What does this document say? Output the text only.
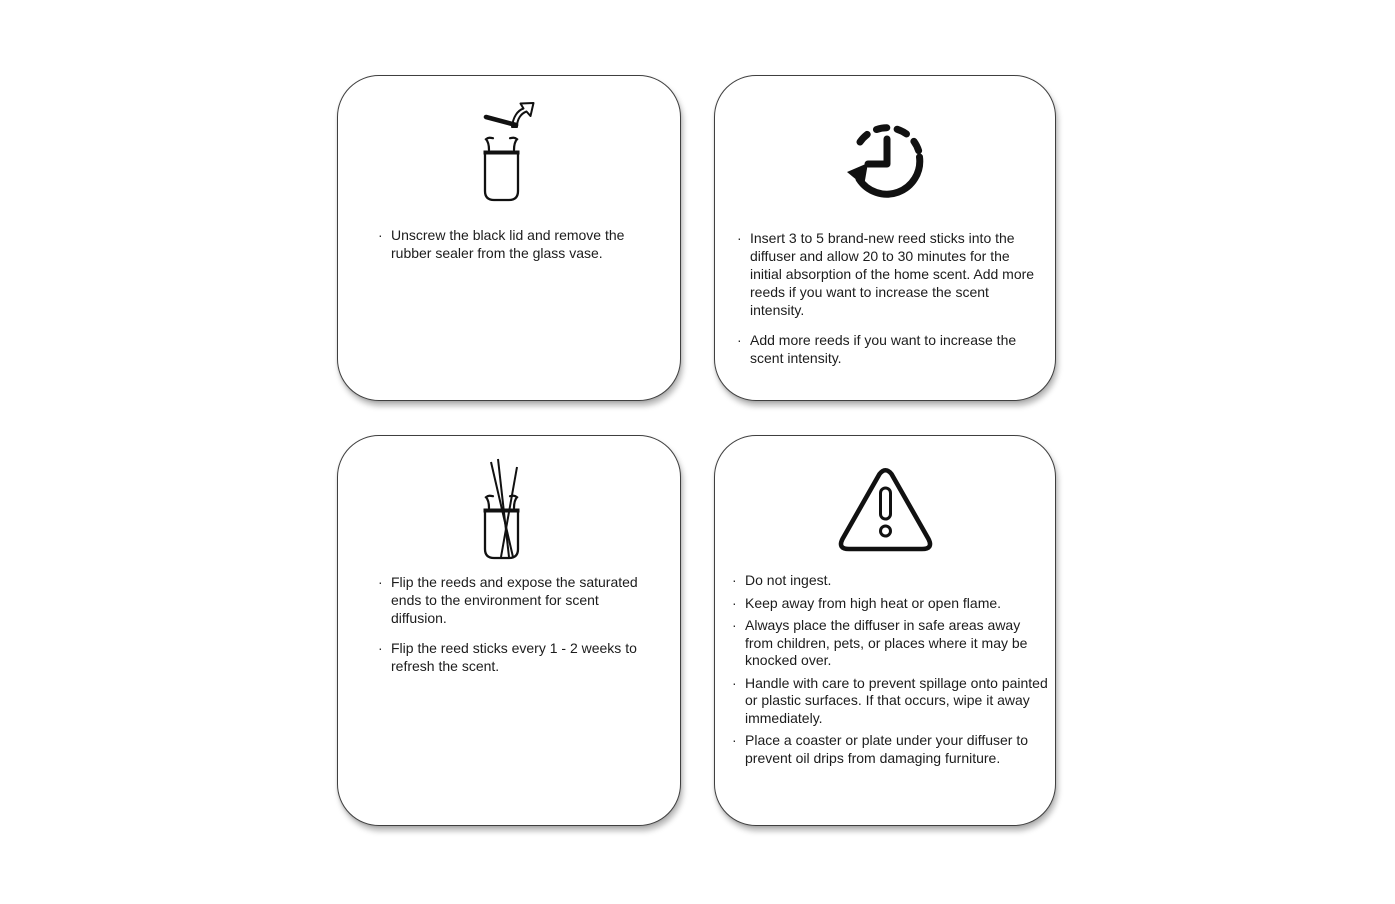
· Unscrew the black lid and remove the rubber sealer from the glass vase.

· Insert 3 to 5 brand-new reed sticks into the diffuser and allow 20 to 30 minutes for the initial absorption of the home scent. Add more reeds if you want to increase the scent intensity.

· Add more reeds if you want to increase the scent intensity.

· Flip the reeds and expose the saturated ends to the environment for scent diffusion.

· Flip the reed sticks every 1 - 2 weeks to refresh the scent.

· Do not ingest.

· Keep away from high heat or open flame.

· Always place the diffuser in safe areas away from children, pets, or places where it may be knocked over.

· Handle with care to prevent spillage onto painted or plastic surfaces. If that occurs, wipe it away immediately.

· Place a coaster or plate under your diffuser to prevent oil drips from damaging furniture.
